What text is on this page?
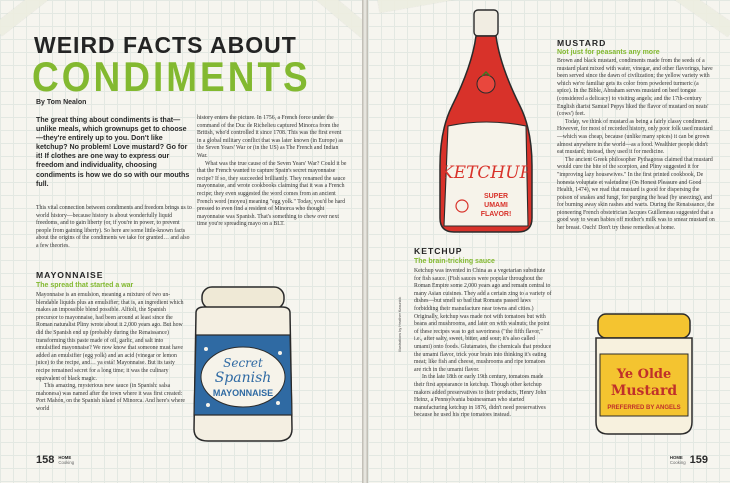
WEIRD FACTS ABOUT
CONDIMENTS
By Tom Nealon
The great thing about condiments is that—unlike meals, which grownups get to choose—they're entirely up to you. Don't like ketchup? No problem! Love mustard? Go for it! If clothes are one way to express our freedom and individuality, choosing condiments is how we do so with our mouths full.

This vital connection between condiments and freedom brings us to world history—because history is about wonderfully liquid freedoms, and to gain liberty (or, if you're in power, to prevent people from gaining liberty). So here are some little-known facts about the origins of the condiments we take for granted… and also a few theories.

history enters the picture. In 1756, a French force under the command of the Duc de Richelieu captured Minorca from the British, who'd controlled it since 1708. This was the first event in a global military conflict that was later known (in Europe) as the Seven Years' War or (in the US) as The French and Indian War.

What was the true cause of the Seven Years' War? Could it be that the French wanted to capture Spain's secret mayonnaise recipe? If so, they succeeded brilliantly. They renamed the sauce mayonnaise, and wrote cookbooks claiming that it was a French recipe; they even suggested the word comes from an ancient French word (moyeu) meaning "egg yolk." Today, you'd be hard pressed to even find a resident of Minorca who thought mayonnaise was Spanish. That's something to chew over next time you're spreading mayo on a BLT.

MAYONNAISE
The spread that started a war

Mayonnaise is an emulsion, meaning a mixture of two un-blendable liquids plus an emulsifier; that is, an ingredient which makes an impossible blend possible. Alfioli, the Spanish precursor to mayonnaise, had been around at least since the Roman naturalist Pliny wrote about it 2,000 years ago. But how did the Spanish end up (probably during the Renaissance) transforming this paste made of oil, garlic, and salt into emulsified mayonnaise? We now know that someone must have added an emulsifier (egg yolk) and an acid (vinegar or lemon juice) to the recipe, and… ya está! Mayonnaise. But its tasty recipe remained secret for a long time; it was the culinary equivalent of black magic.

This amazing, mysterious new sauce (in Spanish: salsa mahonesa) was named after the town where it was first created: Port Mahón, on the Spanish island of Minorca. And here's where world

Secret
Spanish
MAYONNAISE
158 HOME
Cooking
KETCHUP
SUPER
UMAMI
FLAVOR!
MUSTARD
Not just for peasants any more

Brown and black mustard, condiments made from the seeds of a mustard plant mixed with water, vinegar, and other flavorings, have been served since the dawn of civilization; the yellow variety with which we're familiar gets its color from powdered turmeric (a spice). In the Bible, Abraham serves mustard on beef tongue (considered a delicacy) to visiting angels; and the 17th-century English diarist Samuel Pepys liked the flavor of mustard on neats' (cows') feet.

Today, we think of mustard as being a fairly classy condiment. However, for most of recorded history, only poor folk used mustard—which was cheap, because (unlike many spices) it can be grown almost anywhere in the world—as a food. Wealthier people didn't eat mustard; instead, they used it for medicine.

The ancient Greek philosopher Pythagoras claimed that mustard would cure the bite of the scorpion, and Pliny suggested it for "improving lazy housewives." In the first printed cookbook, De honesta voluptate et valetudine (On Honest Pleasure and Good Health, 1474), we read that mustard is good for dispersing the poison of snakes and fungi, for purging the head (by sneezing), and for burning away skin rashes and warts. During the Renaissance, the pioneering French obstetrician Jacques Guillemeau suggested that a good way to wean babies off mother's milk was to smear mustard on her breast. Ouch! Don't try these remedies at home.

KETCHUP
The brain-tricking sauce

Ketchup was invented in China as a vegetarian substitute for fish sauce. (Fish sauces were popular throughout the Roman Empire some 2,000 years ago and remain central to many Asian cuisines. They add a certain zing to a variety of dishes—but smell so bad that Romans passed laws forbidding their manufacture near towns and cities.) Originally, ketchup was made not with tomatoes but with beans and mushrooms, and later on with walnuts; the point of these recipes was to get savoriness ("the fifth flavor," i.e., after salty, sweet, bitter, and sour; it's also called umami) onto foods. Glutamates, the chemicals that produce the umami flavor, trick your brain into thinking it's eating meat; like fish and cheese, mushrooms and ripe tomatoes are rich in the umami flavor.

In the late 18th or early 19th century, tomatoes made their first appearance in ketchup. Though other ketchup makers added preservatives to their products, Henry John Heinz, a Pennsylvania businessman who started manufacturing ketchup in 1876, didn't need preservatives because he used his ripe tomatoes instead.

Illustrations by Heather Kasunick
Ye Olde
Mustard
PREFERRED BY ANGELS
HOME
Cooking 159
